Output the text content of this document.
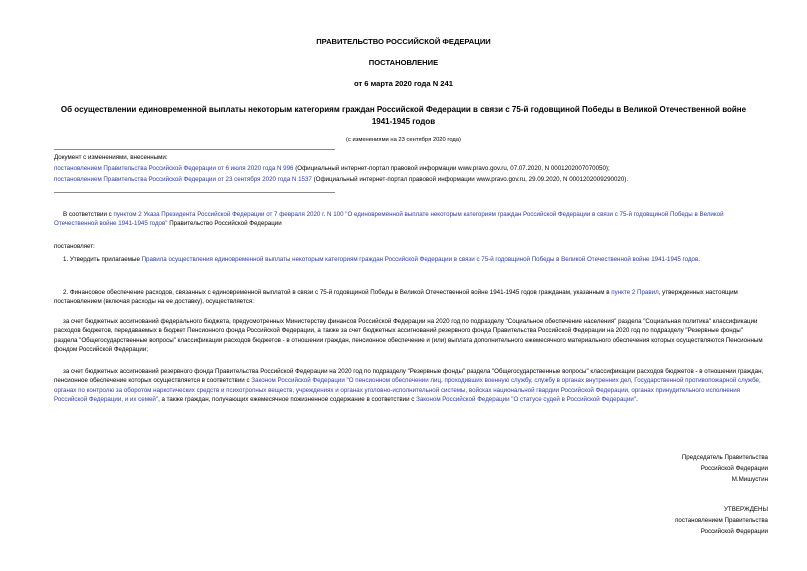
ПРАВИТЕЛЬСТВО РОССИЙСКОЙ ФЕДЕРАЦИИ
ПОСТАНОВЛЕНИЕ
от 6 марта 2020 года N 241
Об осуществлении единовременной выплаты некоторым категориям граждан Российской Федерации в связи с 75-й годовщиной Победы в Великой Отечественной войне 1941-1945 годов
(с изменениями на 23 сентября 2020 года)
Документ с изменениями, внесенными:
постановлением Правительства Российской Федерации от 6 июля 2020 года N 996 (Официальный интернет-портал правовой информации www.pravo.gov.ru, 07.07.2020, N 0001202007070050);
постановлением Правительства Российской Федерации от 23 сентября 2020 года N 1537 (Официальный интернет-портал правовой информации www.pravo.gov.ru, 29.09.2020, N 0001202009290020).

В соответствии с пунктом 2 Указа Президента Российской Федерации от 7 февраля 2020 г. N 100 "О единовременной выплате некоторым категориям граждан Российской Федерации в связи с 75-й годовщиной Победы в Великой Отечественной войне 1941-1945 годов" Правительство Российской Федерации

постановляет:

1. Утвердить прилагаемые Правила осуществления единовременной выплаты некоторым категориям граждан Российской Федерации в связи с 75-й годовщиной Победы в Великой Отечественной войне 1941-1945 годов.

2. Финансовое обеспечение расходов, связанных с единовременной выплатой в связи с 75-й годовщиной Победы в Великой Отечественной войне 1941-1945 годов гражданам, указанным в пункте 2 Правил, утвержденных настоящим постановлением (включая расходы на ее доставку), осуществляется:

за счет бюджетных ассигнований федерального бюджета, предусмотренных Министерству финансов Российской Федерации на 2020 год по подразделу "Социальное обеспечение населения" раздела "Социальная политика" классификации расходов бюджетов, передаваемых в бюджет Пенсионного фонда Российской Федерации, а также за счет бюджетных ассигнований резервного фонда Правительства Российской Федерации на 2020 год по подразделу "Резервные фонды" раздела "Общегосударственные вопросы" классификации расходов бюджетов - в отношении граждан, пенсионное обеспечение и (или) выплата дополнительного ежемесячного материального обеспечения которых осуществляются Пенсионным фондом Российской Федерации;

за счет бюджетных ассигнований резервного фонда Правительства Российской Федерации на 2020 год по подразделу "Резервные фонды" раздела "Общегосударственные вопросы" классификации расходов бюджетов - в отношении граждан, пенсионное обеспечение которых осуществляется в соответствии с Законом Российской Федерации "О пенсионном обеспечении лиц, проходивших военную службу, службу в органах внутренних дел, Государственной противопожарной службе, органах по контролю за оборотом наркотических средств и психотропных веществ, учреждениях и органах уголовно-исполнительной системы, войсках национальной гвардии Российской Федерации, органах принудительного исполнения Российской Федерации, и их семей", а также граждан, получающих ежемесячное пожизненное содержание в соответствии с Законом Российской Федерации "О статусе судей в Российской Федерации".

Председатель Правительства
Российской Федерации
М.Мишустин
УТВЕРЖДЕНЫ
постановлением Правительства
Российской Федерации
